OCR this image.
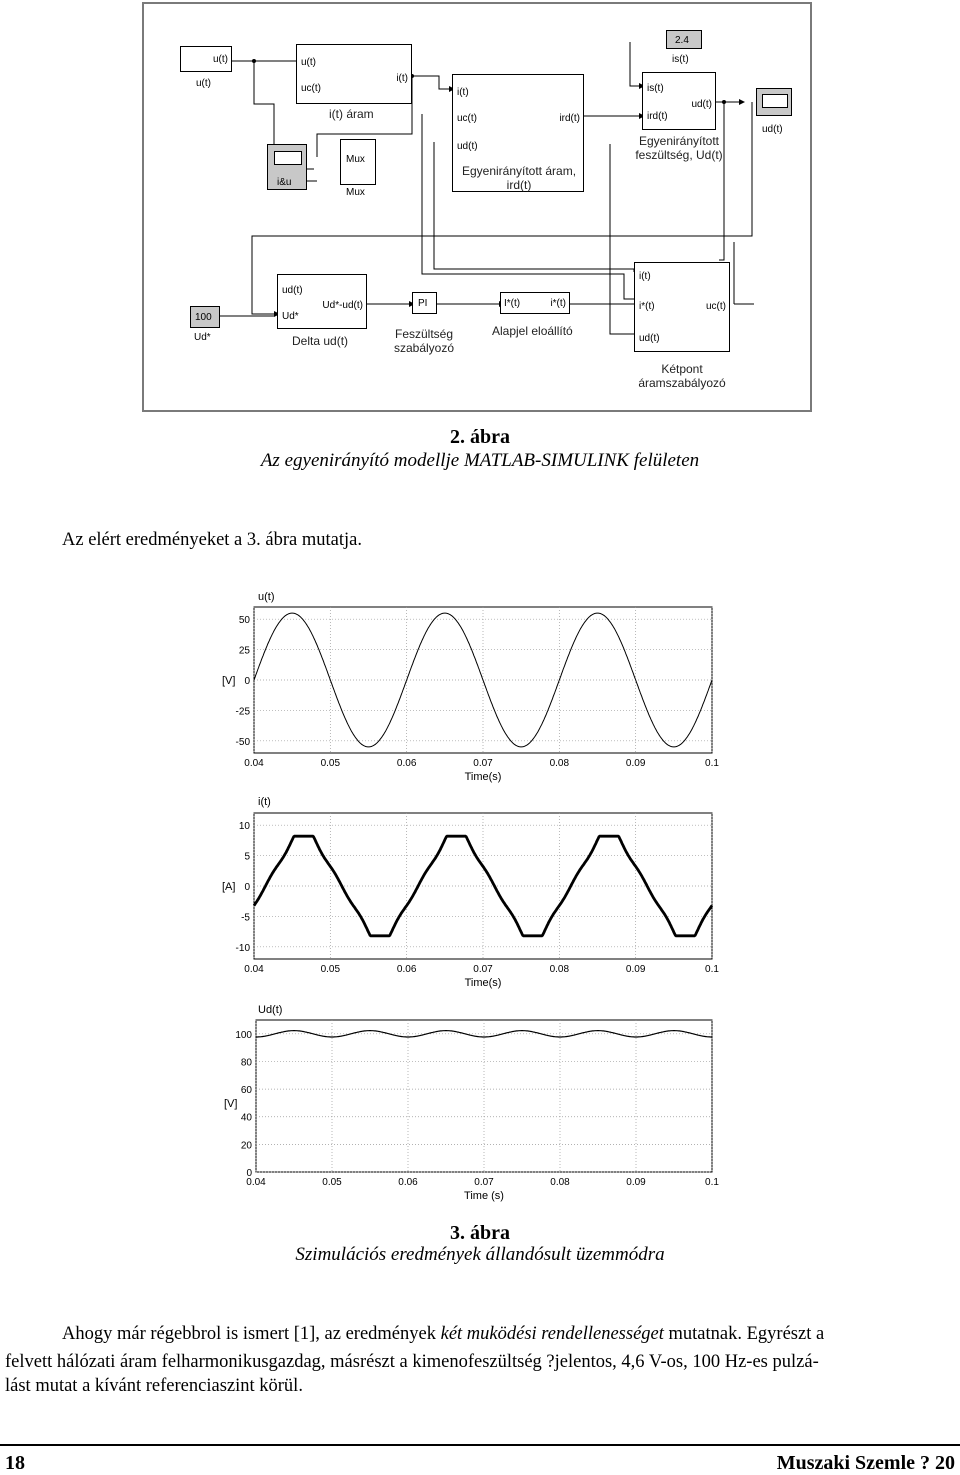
u(t)
u(t)
u(t)
uc(t)
i(t)
i(t) áram
i&u
Mux
Mux
i(t)
uc(t)
ud(t)
ird(t)
Egyenirányított áram, ird(t)
2.4
is(t)
is(t)
ird(t)
ud(t)
Egyenirányított feszültség, Ud(t)
ud(t)
100
Ud*
ud(t)
Ud*
Ud*-ud(t)
Delta ud(t)
PI
Feszültség szabályozó
I*(t)	i*(t)
Alapjel eloállító
i(t)
i*(t)
ud(t)
uc(t)
Kétpont áramszabályozó
2. ábra
Az egyenirányító modellje MATLAB-SIMULINK felületen
Az elért eredményeket a 3. ábra mutatja.
u(t)
0.04	0.05	0.06	0.07	0.08	0.09	0.1
50
25
0
-25
-50
[V]
Time(s)
i(t)
0.04	0.05	0.06	0.07	0.08	0.09	0.1
10
5
0
-5
-10
[A]
Time(s)
Ud(t)
0.04	0.05	0.06	0.07	0.08	0.09	0.1
100
80
60
40
20
0
[V]
Time (s)
3. ábra
Szimulációs eredmények állandósult üzemmódra
Ahogy már régebbrol is ismert [1], az eredmények két muködési rendellenességet mutatnak. Egyrészt a
felvett hálózati áram felharmonikusgazdag, másrészt a kimenofeszültség ?jelentos, 4,6 V-os, 100 Hz-es pulzá-
lást mutat a kívánt referenciaszint körül.
18	Muszaki Szemle ? 20
